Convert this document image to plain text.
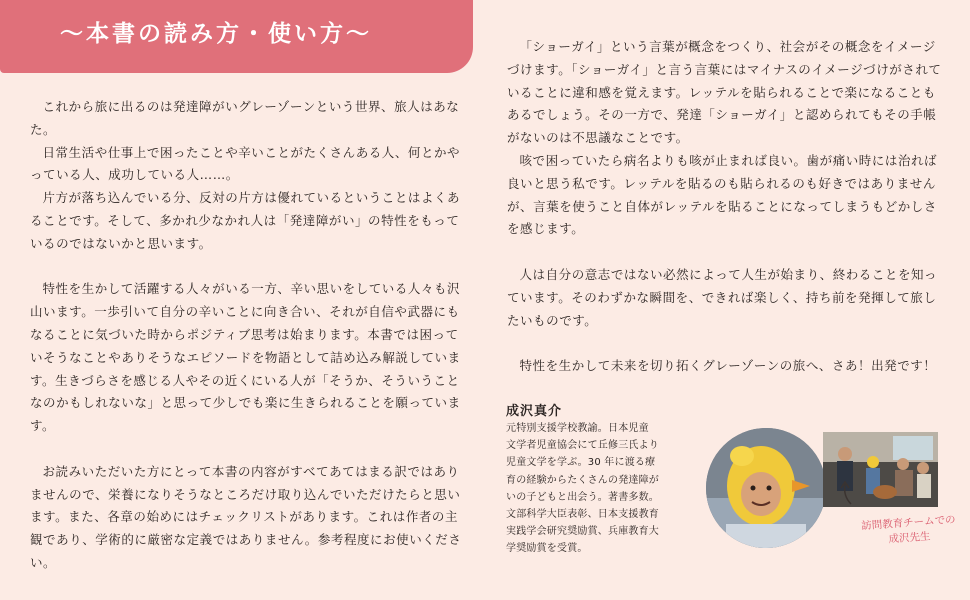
〜本書の読み方・使い方〜

これから旅に出るのは発達障がいグレーゾーンという世界、旅人はあなた。

日常生活や仕事上で困ったことや辛いことがたくさんある人、何とかやっている人、成功している人……。

片方が落ち込んでいる分、反対の片方は優れているということはよくあることです。そして、多かれ少なかれ人は「発達障がい」の特性をもっているのではないかと思います。

特性を生かして活躍する人々がいる一方、辛い思いをしている人々も沢山います。一歩引いて自分の辛いことに向き合い、それが自信や武器にもなることに気づいた時からポジティブ思考は始まります。本書では困っていそうなことやありそうなエピソードを物語として詰め込み解説しています。生きづらさを感じる人やその近くにいる人が「そうか、そういうことなのかもしれないな」と思って少しでも楽に生きられることを願っています。

お読みいただいた方にとって本書の内容がすべてあてはまる訳ではありませんので、栄養になりそうなところだけ取り込んでいただけたらと思います。また、各章の始めにはチェックリストがあります。これは作者の主観であり、学術的に厳密な定義ではありません。参考程度にお使いください。

「ショーガイ」という言葉が概念をつくり、社会がその概念をイメージづけます。「ショーガイ」と言う言葉にはマイナスのイメージづけがされていることに違和感を覚えます。レッテルを貼られることで楽になることもあるでしょう。その一方で、発達「ショーガイ」と認められてもその手帳がないのは不思議なことです。

咳で困っていたら病名よりも咳が止まれば良い。歯が痛い時には治れば良いと思う私です。レッテルを貼るのも貼られるのも好きではありませんが、言葉を使うこと自体がレッテルを貼ることになってしまうもどかしさを感じます。

人は自分の意志ではない必然によって人生が始まり、終わることを知っています。そのわずかな瞬間を、できれば楽しく、持ち前を発揮して旅したいものです。

特性を生かして未来を切り拓くグレーゾーンの旅へ、さあ！出発です！

成沢真介
元特別支援学校教諭。日本児童
文学者児童協会にて丘修三氏より
児童文学を学ぶ。30 年に渡る療
育の経験からたくさんの発達障が
いの子どもと出会う。著書多数。
文部科学大臣表彰、日本支援教育
実践学会研究奨励賞、兵庫教育大
学奨励賞を受賞。
訪問教育チームでの
成沢先生
